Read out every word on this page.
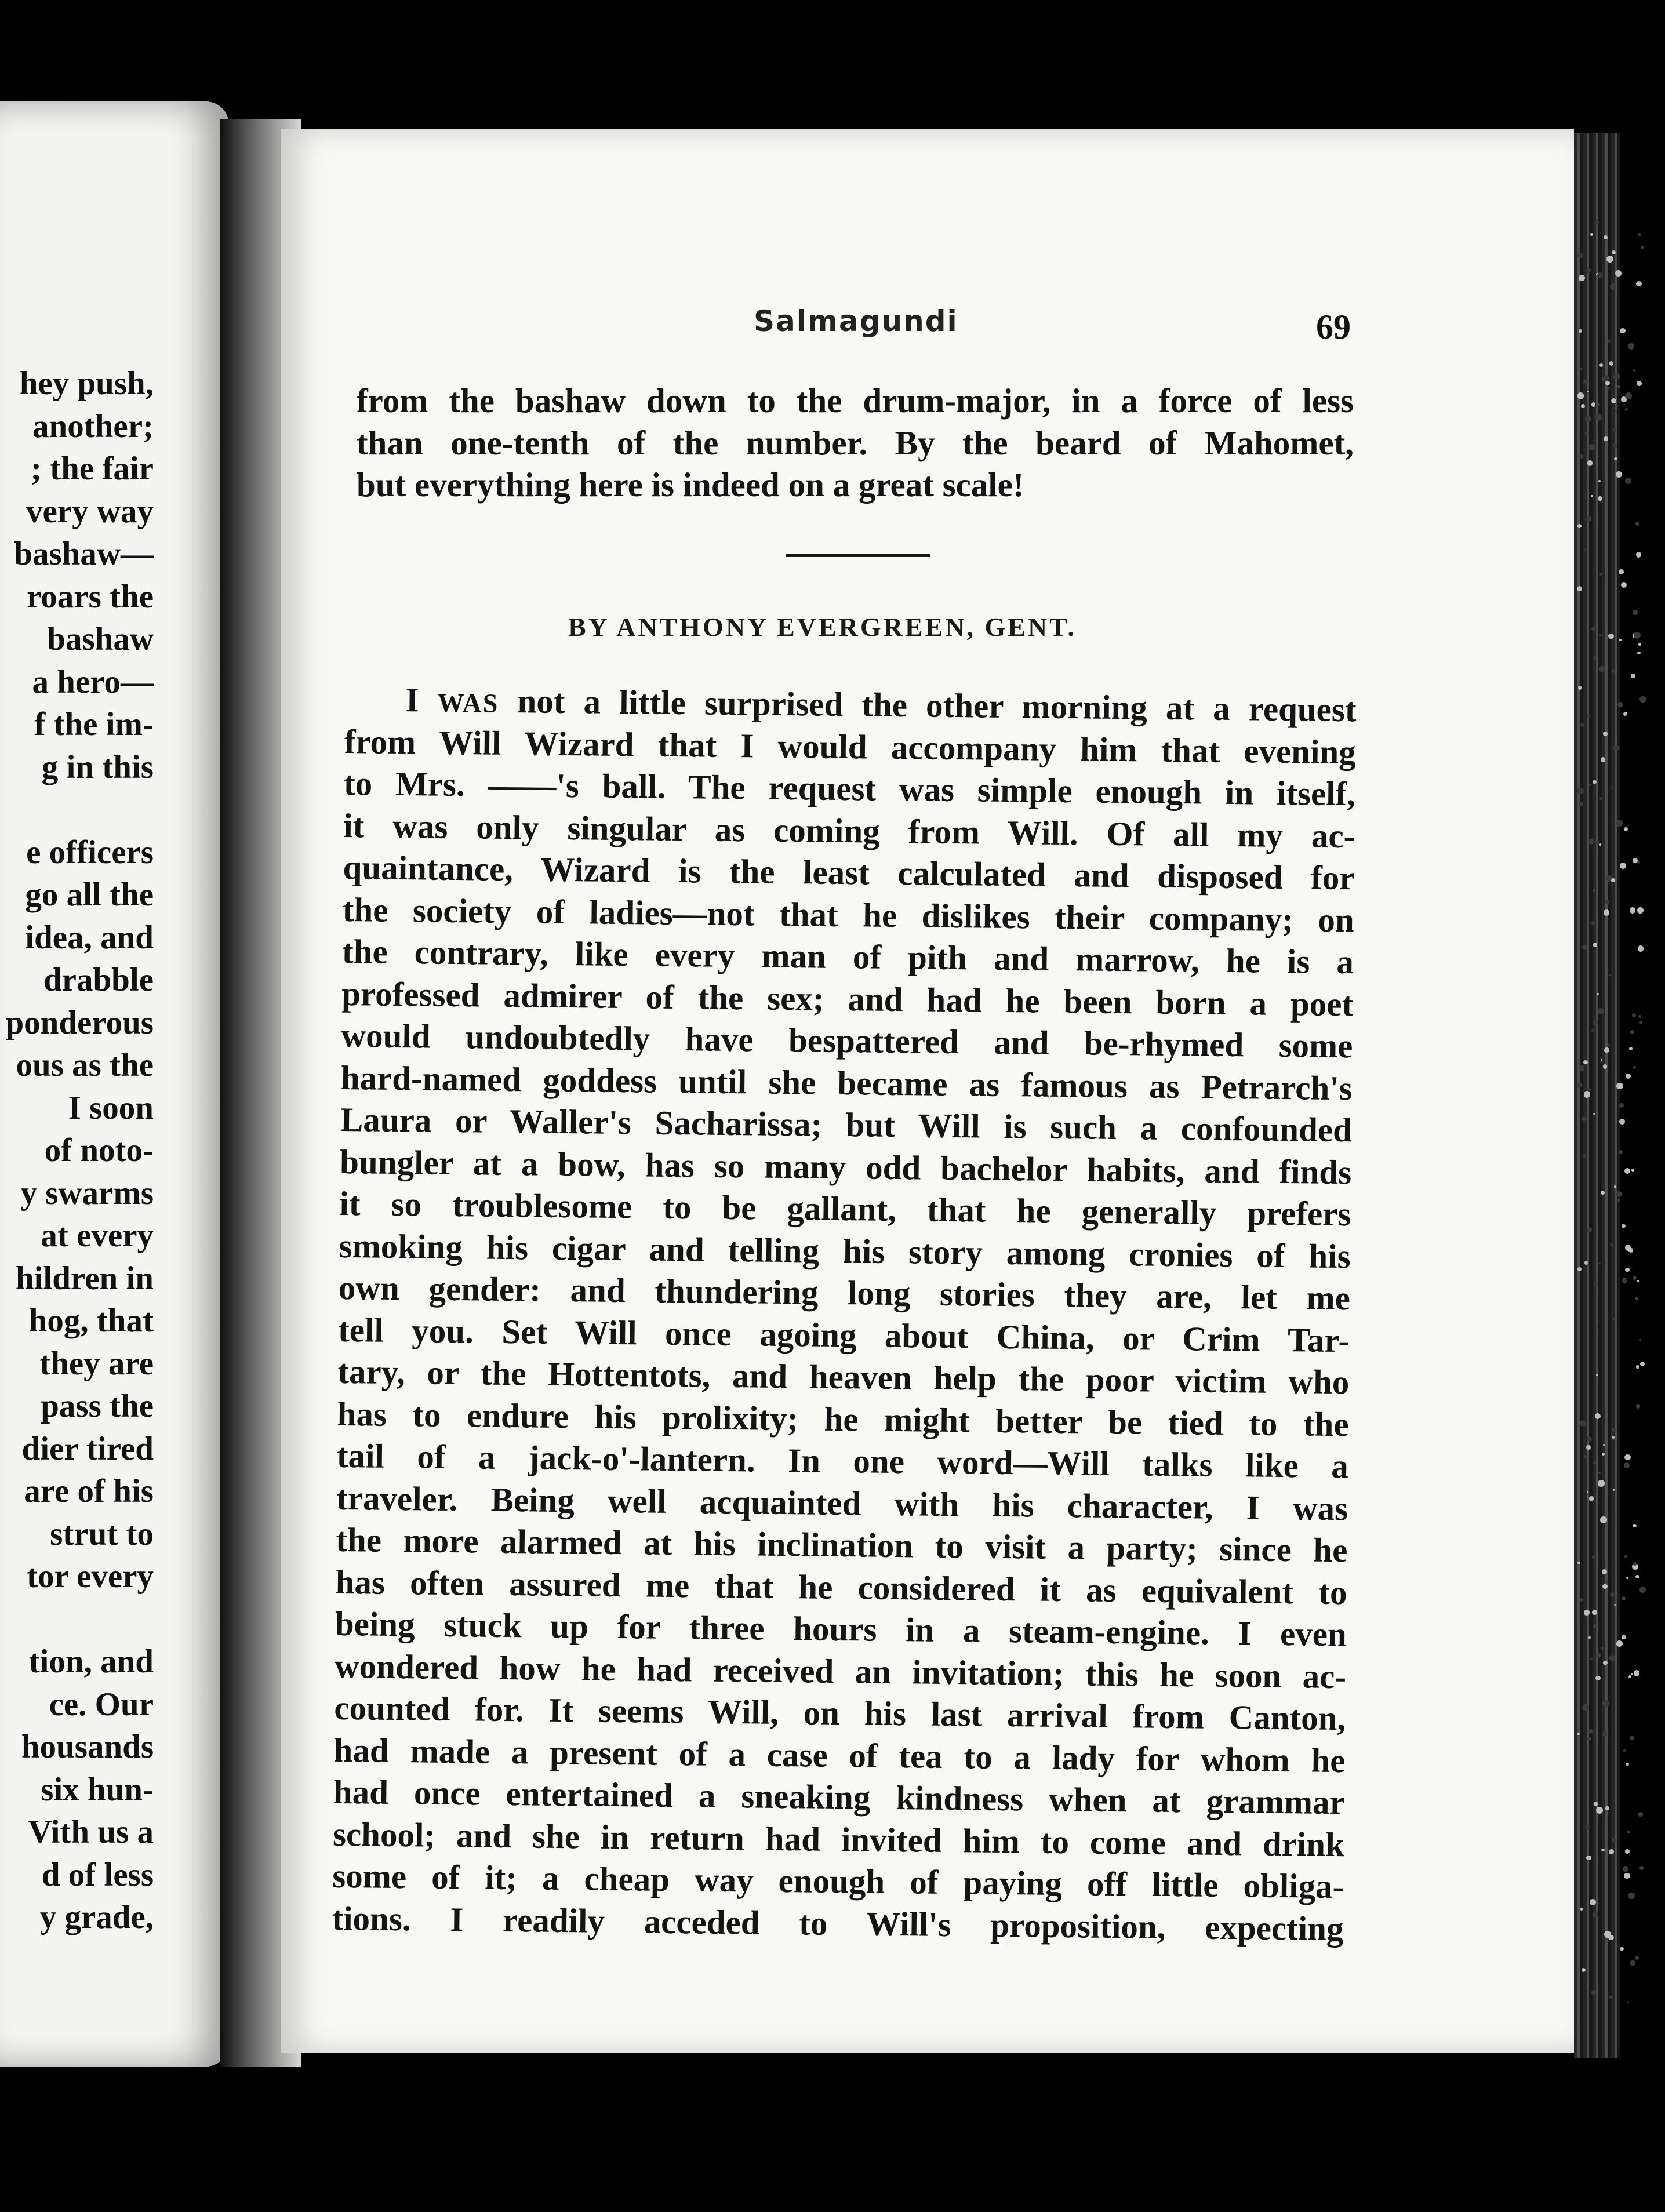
hey push,
another;
; the fair
very way
bashaw—
roars the
bashaw
a hero—
f the im-
g in this
e officers
go all the
idea, and
drabble
ponderous
ous as the
I soon
of noto-
y swarms
at every
hildren in
hog, that
they are
pass the
dier tired
are of his
strut to
tor every
tion, and
ce. Our
housands
six hun-
Vith us a
d of less
y grade,
Salmagundi	69
from the bashaw down to the drum-major, in a force of less
than one-tenth of the number. By the beard of Mahomet,
but everything here is indeed on a great scale!
BY ANTHONY EVERGREEN, GENT.
I WAS not a little surprised the other morning at a request
from Will Wizard that I would accompany him that evening
to Mrs. ——'s ball. The request was simple enough in itself,
it was only singular as coming from Will. Of all my ac-
quaintance, Wizard is the least calculated and disposed for
the society of ladies—not that he dislikes their company; on
the contrary, like every man of pith and marrow, he is a
professed admirer of the sex; and had he been born a poet
would undoubtedly have bespattered and be-rhymed some
hard-named goddess until she became as famous as Petrarch's
Laura or Waller's Sacharissa; but Will is such a confounded
bungler at a bow, has so many odd bachelor habits, and finds
it so troublesome to be gallant, that he generally prefers
smoking his cigar and telling his story among cronies of his
own gender: and thundering long stories they are, let me
tell you. Set Will once agoing about China, or Crim Tar-
tary, or the Hottentots, and heaven help the poor victim who
has to endure his prolixity; he might better be tied to the
tail of a jack-o'-lantern. In one word—Will talks like a
traveler. Being well acquainted with his character, I was
the more alarmed at his inclination to visit a party; since he
has often assured me that he considered it as equivalent to
being stuck up for three hours in a steam-engine. I even
wondered how he had received an invitation; this he soon ac-
counted for. It seems Will, on his last arrival from Canton,
had made a present of a case of tea to a lady for whom he
had once entertained a sneaking kindness when at grammar
school; and she in return had invited him to come and drink
some of it; a cheap way enough of paying off little obliga-
tions. I readily acceded to Will's proposition, expecting
